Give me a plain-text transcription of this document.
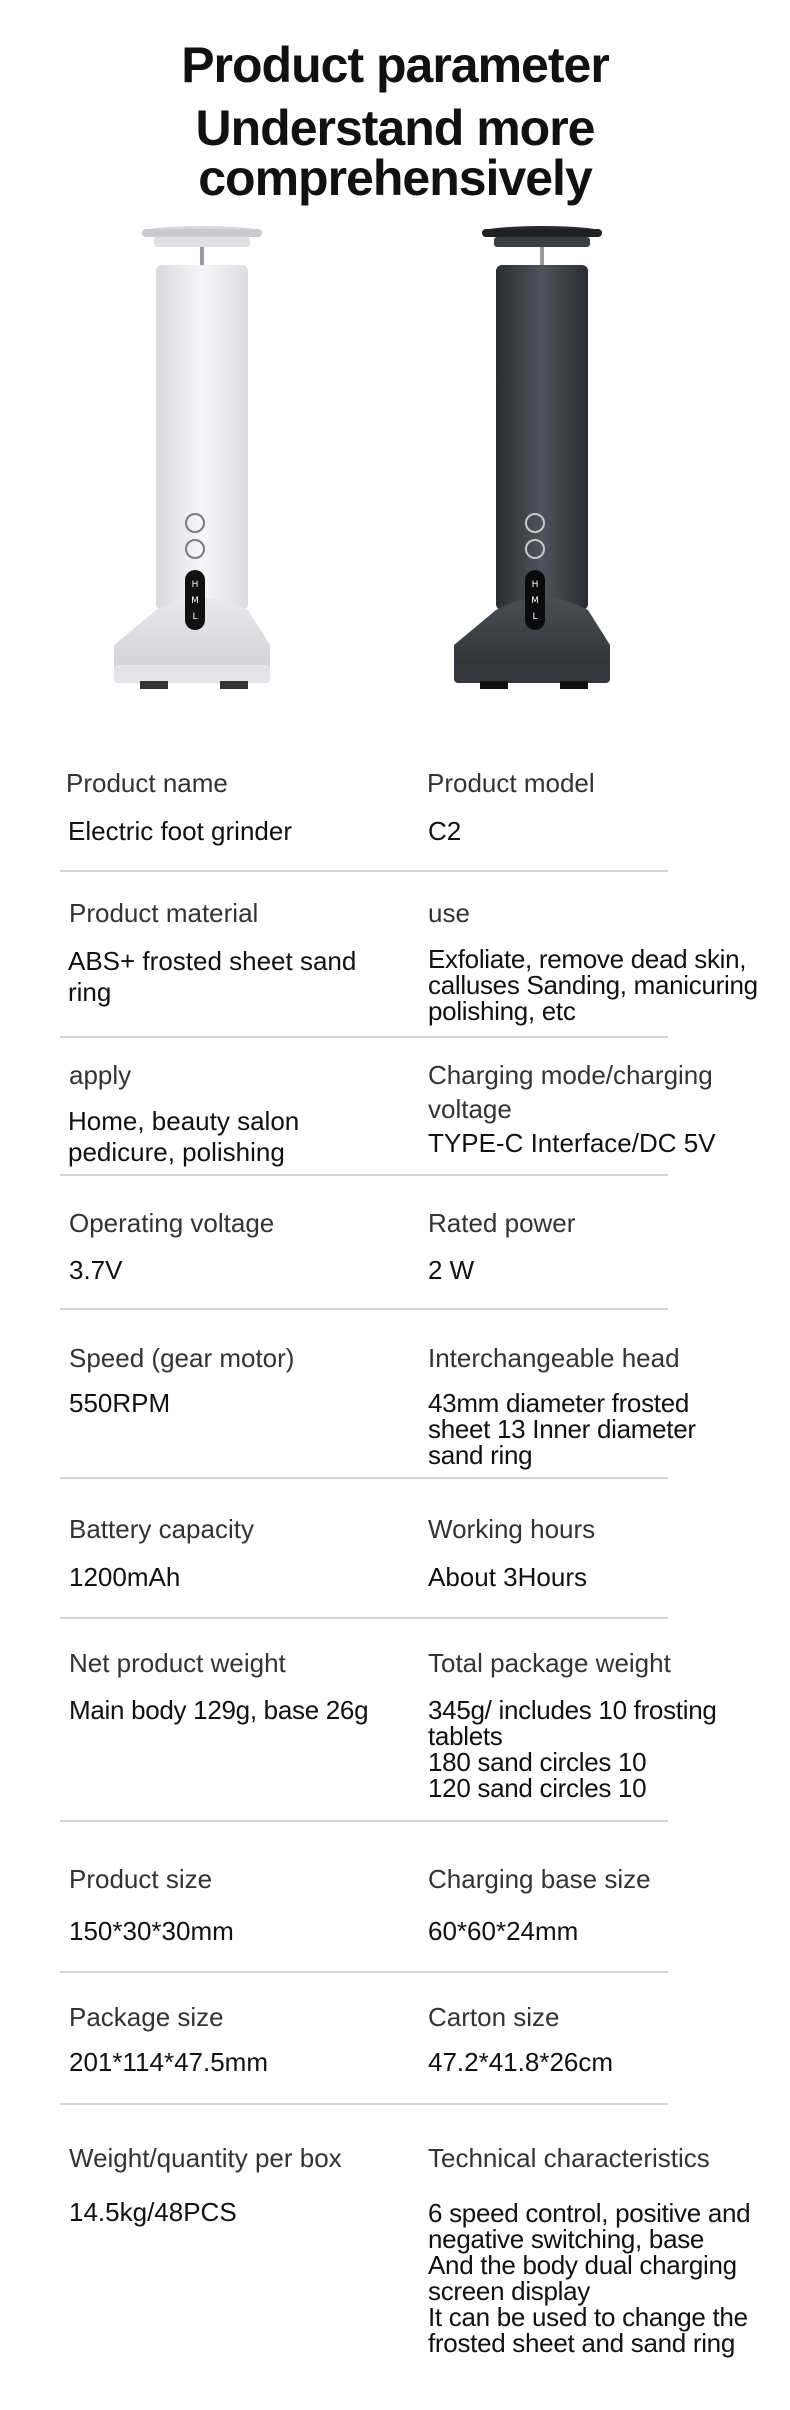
Product parameter
Understand more comprehensively
H
M
L
H
M
L
Product name
Electric foot grinder
Product model
C2
Product material
ABS+ frosted sheet sand ring
use
Exfoliate, remove dead skin, calluses Sanding, manicuring polishing, etc
apply
Home, beauty salon pedicure, polishing
Charging mode/charging voltage
TYPE-C Interface/DC 5V
Operating voltage
3.7V
Rated power
2 W
Speed (gear motor)
550RPM
Interchangeable head
43mm diameter frosted sheet 13 Inner diameter sand ring
Battery capacity
1200mAh
Working hours
About 3Hours
Net product weight
Main body 129g, base 26g
Total package weight
345g/ includes 10 frosting
tablets
180 sand circles 10
120 sand circles 10
Product size
150*30*30mm
Charging base size
60*60*24mm
Package size
201*114*47.5mm
Carton size
47.2*41.8*26cm
Weight/quantity per box
14.5kg/48PCS
Technical characteristics
6 speed control, positive and
negative switching, base
And the body dual charging
screen display
It can be used to change the
frosted sheet and sand ring
